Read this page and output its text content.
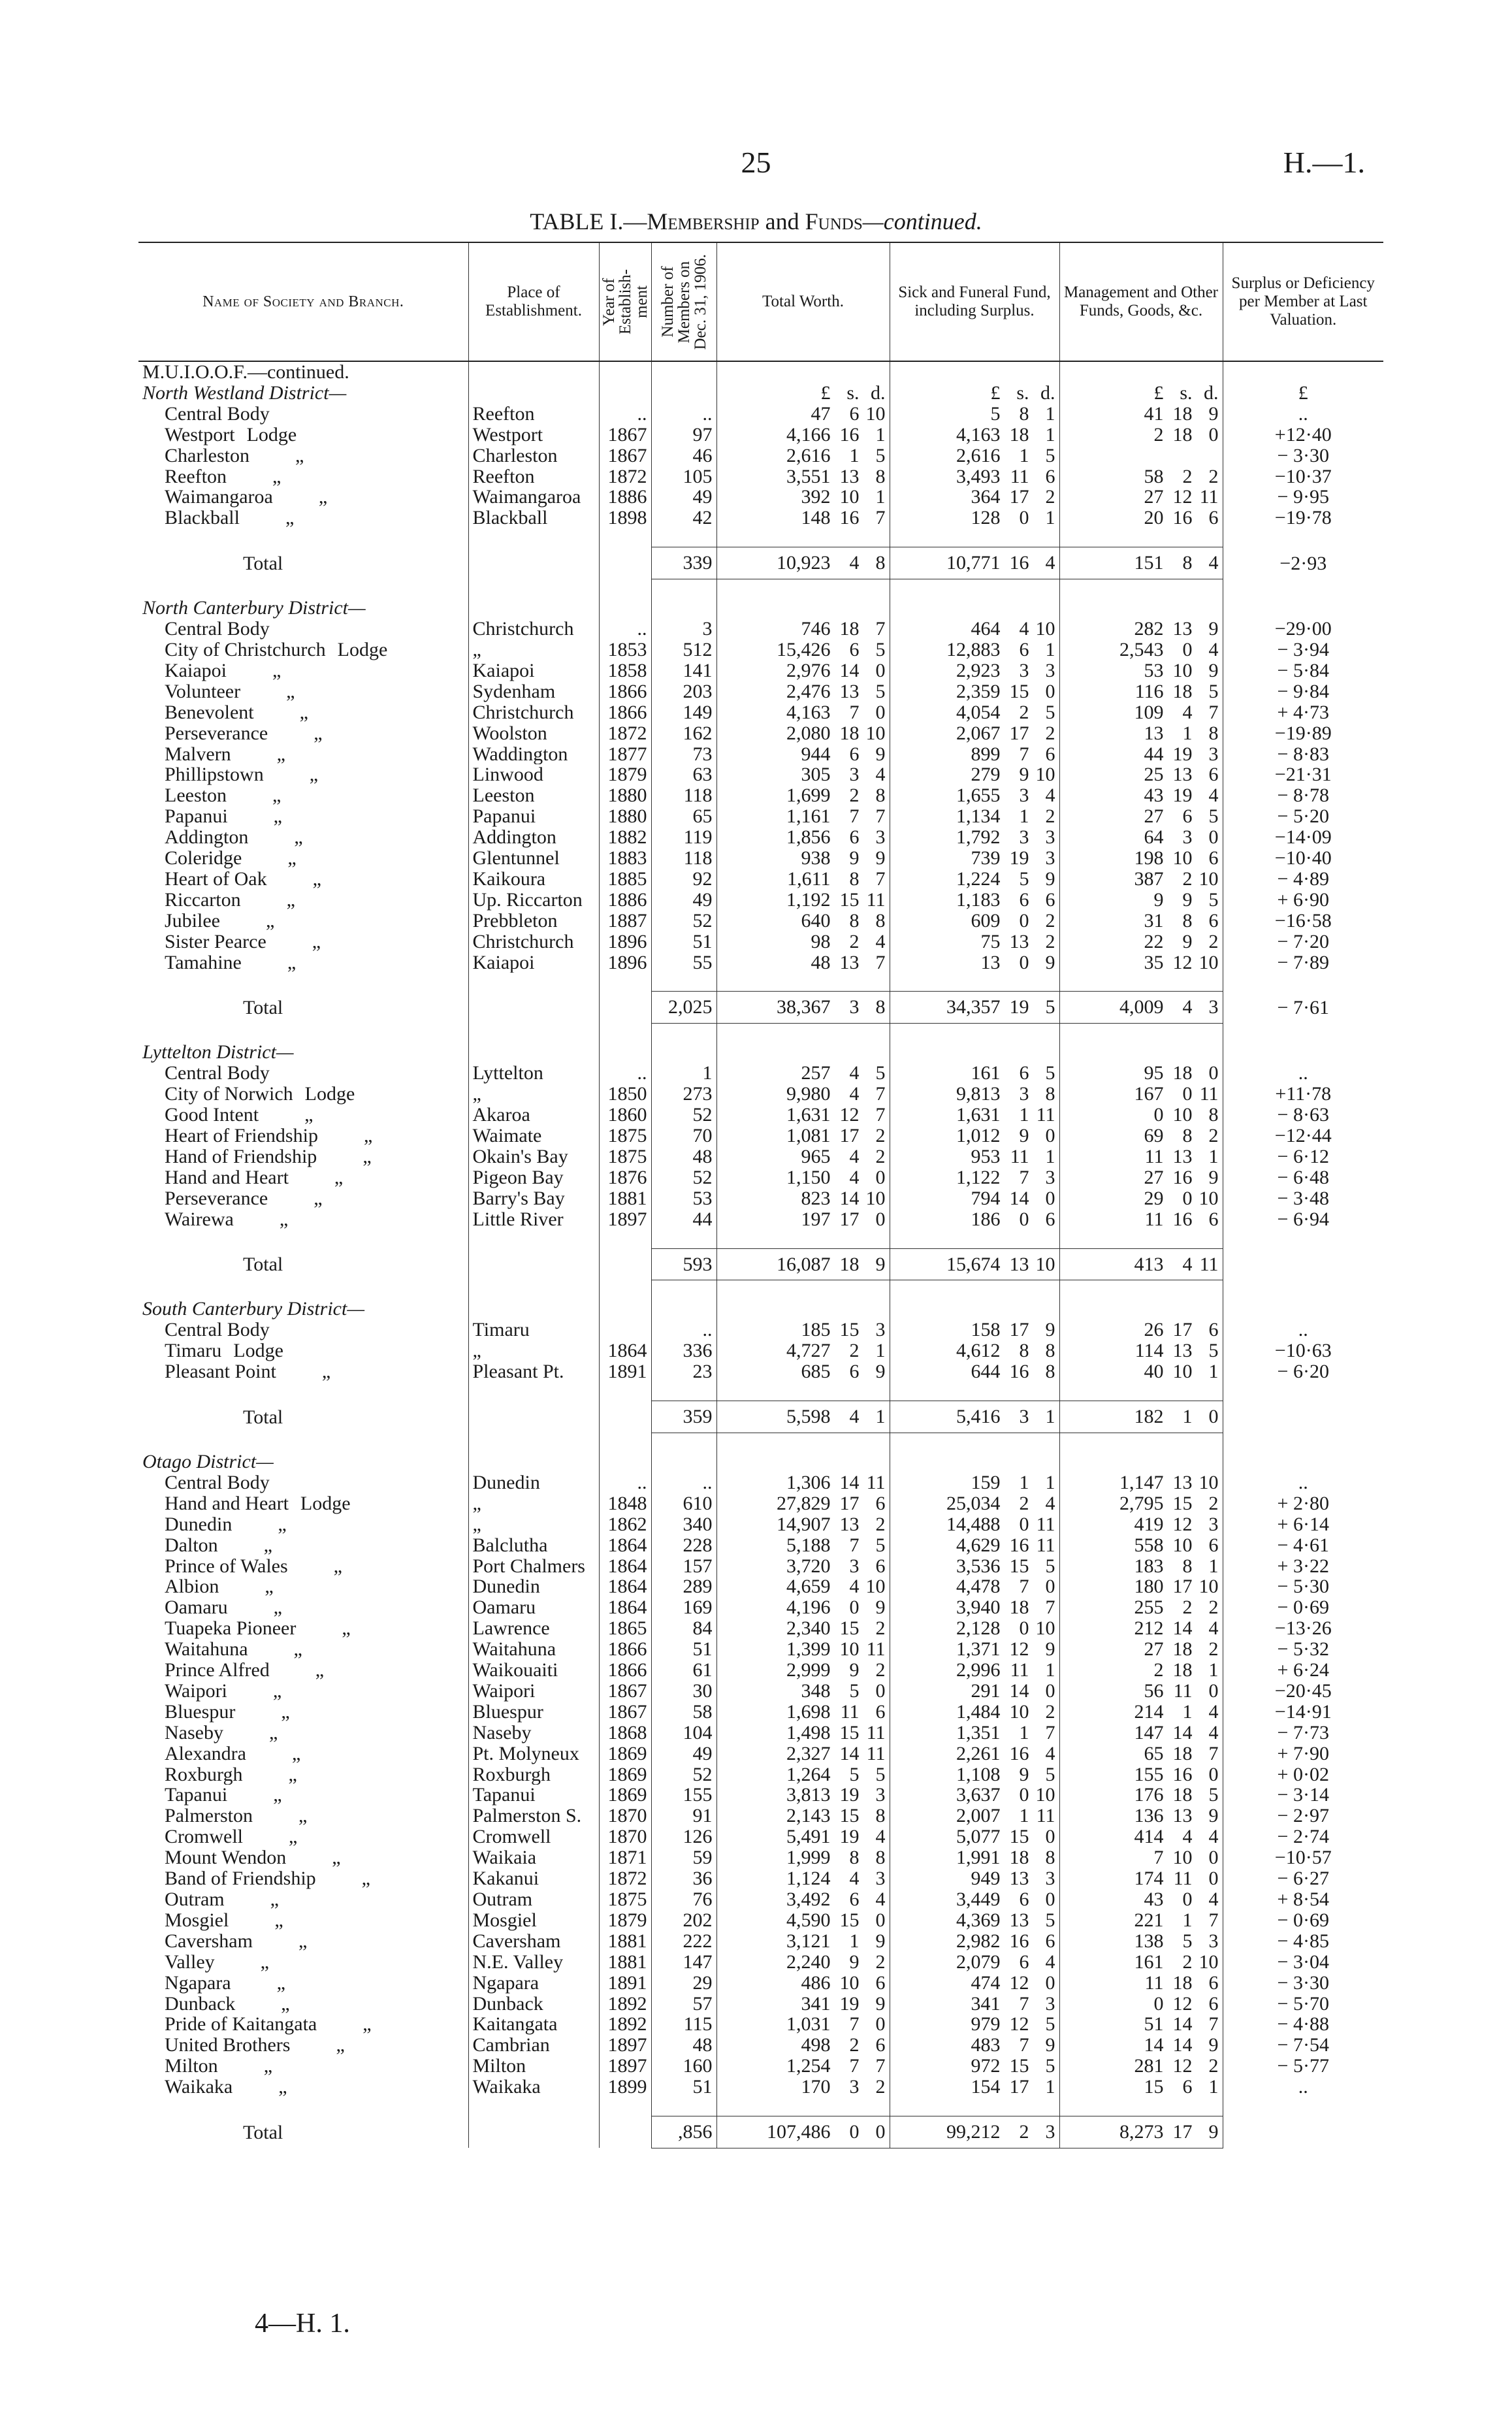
25	H.—1.
TABLE I.—Membership and Funds—continued.
Name of Society and Branch.	Place of Establishment.	Year of
Establish-
ment	Number of
Members on
Dec. 31, 1906.	Total Worth.	Sick and Funeral Fund, including Surplus.	Management and Other Funds, Goods, &c.	Surplus or Deficiency per Member at Last Valuation.
M.U.I.O.O.F.—continued.							
North Westland District—				£ s. d.	£ s. d.	£ s. d.	£
Central Body	Reefton	..	..	47 6 10	5 8 1	41 18 9	..
Westport Lodge	Westport	1867	97	4,166 16 1	4,163 18 1	2 18 0	+12·40
Charleston „	Charleston	1867	46	2,616 1 5	2,616 1 5		− 3·30
Reefton „	Reefton	1872	105	3,551 13 8	3,493 11 6	58 2 2	−10·37
Waimangaroa „	Waimangaroa	1886	49	392 10 1	364 17 2	27 12 11	− 9·95
Blackball „	Blackball	1898	42	148 16 7	128 0 1	20 16 6	−19·78

Total			339	10,923 4 8	10,771 16 4	151 8 4	−2·93

North Canterbury District—							
Central Body	Christchurch	..	3	746 18 7	464 4 10	282 13 9	−29·00
City of Christchurch Lodge	„	1853	512	15,426 6 5	12,883 6 1	2,543 0 4	− 3·94
Kaiapoi „	Kaiapoi	1858	141	2,976 14 0	2,923 3 3	53 10 9	− 5·84
Volunteer „	Sydenham	1866	203	2,476 13 5	2,359 15 0	116 18 5	− 9·84
Benevolent „	Christchurch	1866	149	4,163 7 0	4,054 2 5	109 4 7	+ 4·73
Perseverance „	Woolston	1872	162	2,080 18 10	2,067 17 2	13 1 8	−19·89
Malvern „	Waddington	1877	73	944 6 9	899 7 6	44 19 3	− 8·83
Phillipstown „	Linwood	1879	63	305 3 4	279 9 10	25 13 6	−21·31
Leeston „	Leeston	1880	118	1,699 2 8	1,655 3 4	43 19 4	− 8·78
Papanui „	Papanui	1880	65	1,161 7 7	1,134 1 2	27 6 5	− 5·20
Addington „	Addington	1882	119	1,856 6 3	1,792 3 3	64 3 0	−14·09
Coleridge „	Glentunnel	1883	118	938 9 9	739 19 3	198 10 6	−10·40
Heart of Oak „	Kaikoura	1885	92	1,611 8 7	1,224 5 9	387 2 10	− 4·89
Riccarton „	Up. Riccarton	1886	49	1,192 15 11	1,183 6 6	9 9 5	+ 6·90
Jubilee „	Prebbleton	1887	52	640 8 8	609 0 2	31 8 6	−16·58
Sister Pearce „	Christchurch	1896	51	98 2 4	75 13 2	22 9 2	− 7·20
Tamahine „	Kaiapoi	1896	55	48 13 7	13 0 9	35 12 10	− 7·89

Total			2,025	38,367 3 8	34,357 19 5	4,009 4 3	− 7·61

Lyttelton District—							
Central Body	Lyttelton	..	1	257 4 5	161 6 5	95 18 0	..
City of Norwich Lodge	„	1850	273	9,980 4 7	9,813 3 8	167 0 11	+11·78
Good Intent „	Akaroa	1860	52	1,631 12 7	1,631 1 11	0 10 8	− 8·63
Heart of Friendship „	Waimate	1875	70	1,081 17 2	1,012 9 0	69 8 2	−12·44
Hand of Friendship „	Okain's Bay	1875	48	965 4 2	953 11 1	11 13 1	− 6·12
Hand and Heart „	Pigeon Bay	1876	52	1,150 4 0	1,122 7 3	27 16 9	− 6·48
Perseverance „	Barry's Bay	1881	53	823 14 10	794 14 0	29 0 10	− 3·48
Wairewa „	Little River	1897	44	197 17 0	186 0 6	11 16 6	− 6·94

Total			593	16,087 18 9	15,674 13 10	413 4 11	

South Canterbury District—							
Central Body	Timaru		..	185 15 3	158 17 9	26 17 6	..
Timaru Lodge	„	1864	336	4,727 2 1	4,612 8 8	114 13 5	−10·63
Pleasant Point „	Pleasant Pt.	1891	23	685 6 9	644 16 8	40 10 1	− 6·20

Total			359	5,598 4 1	5,416 3 1	182 1 0	

Otago District—							
Central Body	Dunedin	..	..	1,306 14 11	159 1 1	1,147 13 10	..
Hand and Heart Lodge	„	1848	610	27,829 17 6	25,034 2 4	2,795 15 2	+ 2·80
Dunedin „	„	1862	340	14,907 13 2	14,488 0 11	419 12 3	+ 6·14
Dalton „	Balclutha	1864	228	5,188 7 5	4,629 16 11	558 10 6	− 4·61
Prince of Wales „	Port Chalmers	1864	157	3,720 3 6	3,536 15 5	183 8 1	+ 3·22
Albion „	Dunedin	1864	289	4,659 4 10	4,478 7 0	180 17 10	− 5·30
Oamaru „	Oamaru	1864	169	4,196 0 9	3,940 18 7	255 2 2	− 0·69
Tuapeka Pioneer „	Lawrence	1865	84	2,340 15 2	2,128 0 10	212 14 4	−13·26
Waitahuna „	Waitahuna	1866	51	1,399 10 11	1,371 12 9	27 18 2	− 5·32
Prince Alfred „	Waikouaiti	1866	61	2,999 9 2	2,996 11 1	2 18 1	+ 6·24
Waipori „	Waipori	1867	30	348 5 0	291 14 0	56 11 0	−20·45
Bluespur „	Bluespur	1867	58	1,698 11 6	1,484 10 2	214 1 4	−14·91
Naseby „	Naseby	1868	104	1,498 15 11	1,351 1 7	147 14 4	− 7·73
Alexandra „	Pt. Molyneux	1869	49	2,327 14 11	2,261 16 4	65 18 7	+ 7·90
Roxburgh „	Roxburgh	1869	52	1,264 5 5	1,108 9 5	155 16 0	+ 0·02
Tapanui „	Tapanui	1869	155	3,813 19 3	3,637 0 10	176 18 5	− 3·14
Palmerston „	Palmerston S.	1870	91	2,143 15 8	2,007 1 11	136 13 9	− 2·97
Cromwell „	Cromwell	1870	126	5,491 19 4	5,077 15 0	414 4 4	− 2·74
Mount Wendon „	Waikaia	1871	59	1,999 8 8	1,991 18 8	7 10 0	−10·57
Band of Friendship „	Kakanui	1872	36	1,124 4 3	949 13 3	174 11 0	− 6·27
Outram „	Outram	1875	76	3,492 6 4	3,449 6 0	43 0 4	+ 8·54
Mosgiel „	Mosgiel	1879	202	4,590 15 0	4,369 13 5	221 1 7	− 0·69
Caversham „	Caversham	1881	222	3,121 1 9	2,982 16 6	138 5 3	− 4·85
Valley „	N.E. Valley	1881	147	2,240 9 2	2,079 6 4	161 2 10	− 3·04
Ngapara „	Ngapara	1891	29	486 10 6	474 12 0	11 18 6	− 3·30
Dunback „	Dunback	1892	57	341 19 9	341 7 3	0 12 6	− 5·70
Pride of Kaitangata „	Kaitangata	1892	115	1,031 7 0	979 12 5	51 14 7	− 4·88
United Brothers „	Cambrian	1897	48	498 2 6	483 7 9	14 14 9	− 7·54
Milton „	Milton	1897	160	1,254 7 7	972 15 5	281 12 2	− 5·77
Waikaka „	Waikaka	1899	51	170 3 2	154 17 1	15 6 1	..

Total			,856	107,486 0 0	99,212 2 3	8,273 17 9	

4—H. 1.
